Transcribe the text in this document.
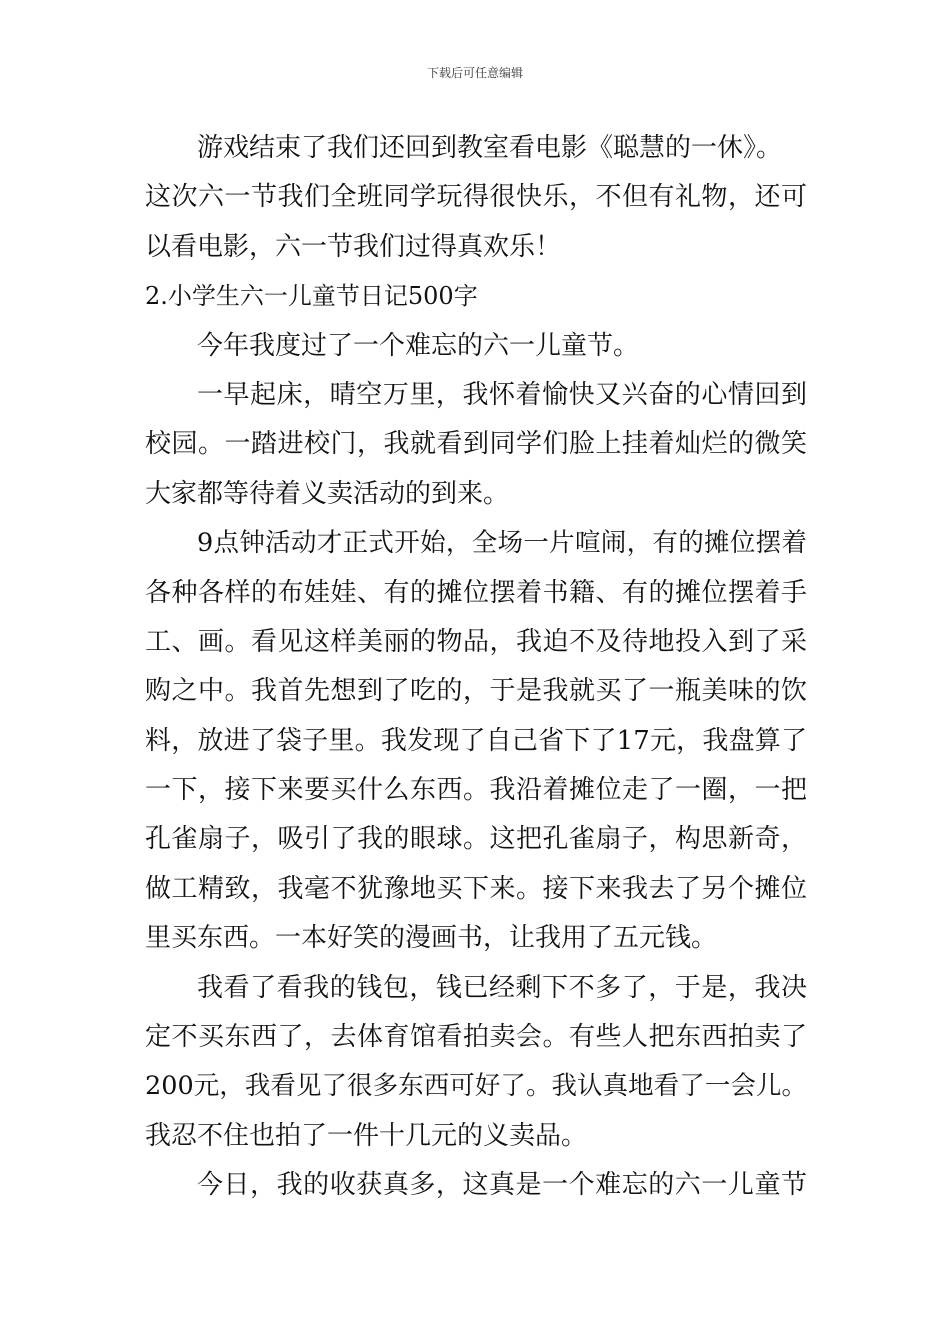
下载后可任意编辑
游戏结束了我们还回到教室看电影《聪慧的一休》。
这次六一节我们全班同学玩得很快乐，不但有礼物，还可
以看电影，六一节我们过得真欢乐！
2.小学生六一儿童节日记500字
今年我度过了一个难忘的六一儿童节。
一早起床，晴空万里，我怀着愉快又兴奋的心情回到
校园。一踏进校门，我就看到同学们脸上挂着灿烂的微笑
大家都等待着义卖活动的到来。
9点钟活动才正式开始，全场一片喧闹，有的摊位摆着
各种各样的布娃娃、有的摊位摆着书籍、有的摊位摆着手
工、画。看见这样美丽的物品，我迫不及待地投入到了采
购之中。我首先想到了吃的，于是我就买了一瓶美味的饮
料，放进了袋子里。我发现了自己省下了17元，我盘算了
一下，接下来要买什么东西。我沿着摊位走了一圈，一把
孔雀扇子，吸引了我的眼球。这把孔雀扇子，构思新奇，
做工精致，我毫不犹豫地买下来。接下来我去了另个摊位
里买东西。一本好笑的漫画书，让我用了五元钱。
我看了看我的钱包，钱已经剩下不多了，于是，我决
定不买东西了，去体育馆看拍卖会。有些人把东西拍卖了
200元，我看见了很多东西可好了。我认真地看了一会儿。
我忍不住也拍了一件十几元的义卖品。
今日，我的收获真多，这真是一个难忘的六一儿童节
